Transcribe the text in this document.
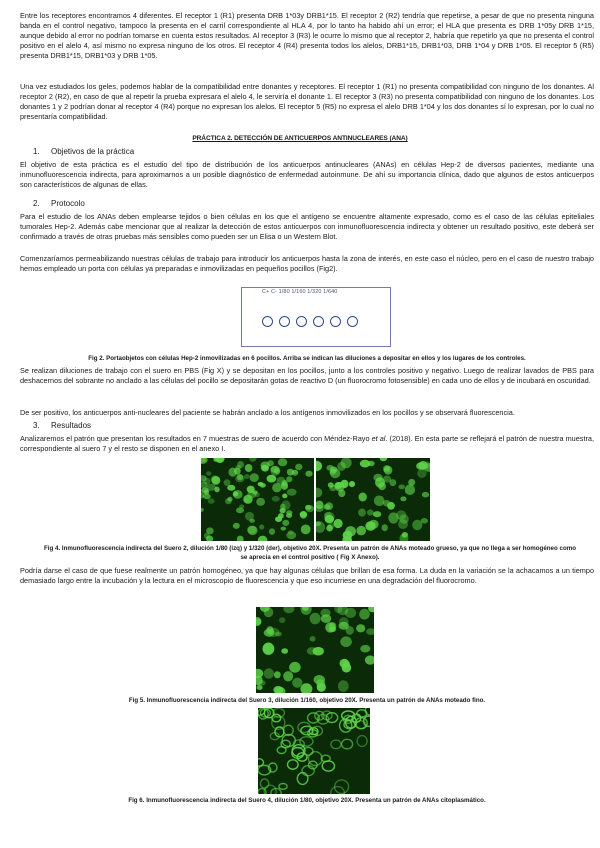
Entre los receptores encontramos 4 diferentes. El receptor 1 (R1) presenta DRB 1*03y DRB1*15. El receptor 2 (R2) tendría que repetirse, a pesar de que no presenta ninguna banda en el control negativo, tampoco la presenta en el carril correspondiente al HLA 4, por lo tanto ha habido ahí un error; el HLA que presenta es DRB 1*05y DRB 1*15, aunque debido al error no podrían tomarse en cuenta estos resultados. Al receptor 3 (R3) le ocurre lo mismo que al receptor 2, habría que repetirlo ya que no presenta el control positivo en el alelo 4, así mismo no expresa ninguno de los otros. El receptor 4 (R4) presenta todos los alelos, DRB1*15, DRB1*03, DRB 1*04 y DRB 1*05. El receptor 5 (R5) presenta DRB1*15, DRB1*03 y DRB 1*05.

Una vez estudiados los geles, podemos hablar de la compatibilidad entre donantes y receptores. El receptor 1 (R1) no presenta compatibilidad con ninguno de los donantes. Al receptor 2 (R2), en caso de que al repetir la prueba expresara el alelo 4, le serviría el donante 1. El receptor 3 (R3) no presenta compatibilidad con ninguno de los donantes. Los donantes 1 y 2 podrían donar al receptor 4 (R4) porque no expresan los alelos. El receptor 5 (R5) no expresa el alelo DRB 1*04 y los dos donantes sí lo expresan, por lo cual no presentaría compatibilidad.

PRÁCTICA 2. DETECCIÓN DE ANTICUERPOS ANTINUCLEARES (ANA)
1. Objetivos de la práctica

El objetivo de esta práctica es el estudio del tipo de distribución de los anticuerpos antinucleares (ANAs) en células Hep-2 de diversos pacientes, mediante una inmunofluorescencia indirecta, para aproximarnos a un posible diagnóstico de enfermedad autoinmune. De ahí su importancia clínica, dado que algunos de estos anticuerpos son característicos de algunas de ellas.

2. Protocolo

Para el estudio de los ANAs deben emplearse tejidos o bien células en los que el antígeno se encuentre altamente expresado, como es el caso de las células epiteliales tumorales Hep-2. Además cabe mencionar que al realizar la detección de estos anticuerpos con inmunofluorescencia indirecta y obtener un resultado positivo, este deberá ser confirmado a través de otras pruebas más sensibles como pueden ser un Elisa o un Western Blot.

Comenzaríamos permeabilizando nuestras células de trabajo para introducir los anticuerpos hasta la zona de interés, en este caso el núcleo, pero en el caso de nuestro trabajo hemos empleado un porta con células ya preparadas e inmovilizadas en pequeños pocillos (Fig2).

C+ C- 1/80 1/160 1/320 1/640
Fig 2. Portaobjetos con células Hep-2 inmovilizadas en 6 pocillos. Arriba se indican las diluciones a depositar en ellos y los lugares de los controles.

Se realizan diluciones de trabajo con el suero en PBS (Fig X) y se depositan en los pocillos, junto a los controles positivo y negativo. Luego de realizar lavados de PBS para deshacernos del sobrante no anclado a las células del pocillo se depositarán gotas de reactivo D (un fluorocromo fotosensible) en cada uno de ellos y de incubará en oscuridad.

De ser positivo, los anticuerpos anti-nucleares del paciente se habrán anclado a los antígenos inmovilizados en los pocillos y se observará fluorescencia.

3. Resultados

Analizaremos el patrón que presentan los resultados en 7 muestras de suero de acuerdo con Méndez-Rayo et al. (2018). En esta parte se reflejará el patrón de nuestra muestra, correspondiente al suero 7 y el resto se disponen en el anexo I.

Fig 4. Inmunofluorescencia indirecta del Suero 2, dilución 1/80 (izq) y 1/320 (der), objetivo 20X. Presenta un patrón de ANAs moteado grueso, ya que no llega a ser homogéneo como se aprecia en el control positivo ( Fig X Anexo).

Podría darse el caso de que fuese realmente un patrón homogéneo, ya que hay algunas células que brillan de esa forma. La duda en la variación se la achacamos a un tiempo demasiado largo entre la incubación y la lectura en el microscopio de fluorescencia y que eso incurriese en una degradación del fluorocromo.

Fig 5. Inmunofluorescencia indirecta del Suero 3, dilución 1/160, objetivo 20X. Presenta un patrón de ANAs moteado fino.
Fig 6. Inmunofluorescencia indirecta del Suero 4, dilución 1/80, objetivo 20X. Presenta un patrón de ANAs citoplasmático.
